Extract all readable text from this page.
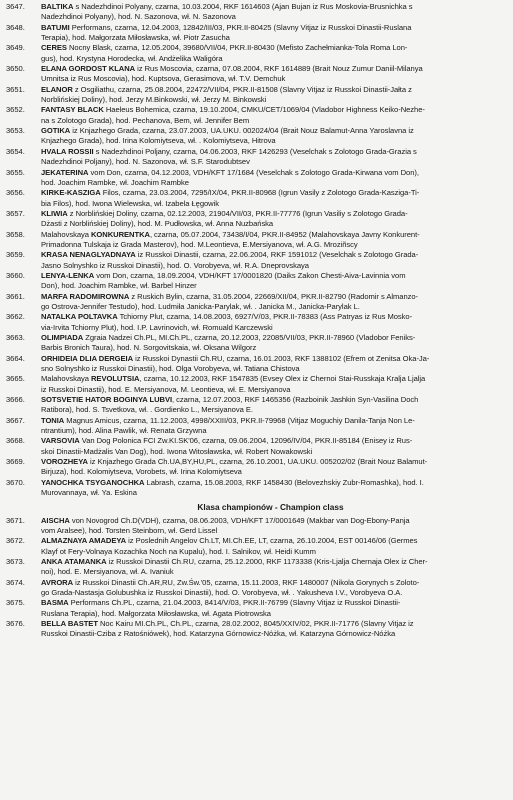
3647.	BALTIKA s Nadezhdinoi Polyany, czarna, 10.03.2004, RKF 1614603 (Ajan Bujan iz Rus Moskovia-Brusnichka s
Nadezhdinoi Polyany), hod. N. Sazonova, wł. N. Sazonova
3648.	BATUMI Performans, czarna, 12.04.2003, 12842/III/03, PKR.II-80425 (Slavny Vitjaz iz Russkoi Dinastii-Ruslana
Terapia), hod. Małgorzata Miłosławska, wł. Piotr Zasucha
3649.	CERES Nocny Blask, czarna, 12.05.2004, 39680/VII/04, PKR.II-80430 (Mefisto Zachełmianka-Tola Roma Lon-
gus), hod. Krystyna Horodecka, wł. Andżelika Waligóra
3650.	ELANA GORDOST KLANA iz Rus Moscovia, czarna, 07.08.2004, RKF 1614889 (Brait Nouz Zumur Daniil-Milanya
Umnitsa iz Rus Moscovia), hod. Kuptsova, Gerasimova, wł. T.V. Demchuk
3651.	ELANOR z Osgiliathu, czarna, 25.08.2004, 22472/VII/04, PKR.II-81508 (Slavny Vitjaz iz Russkoi Dinastii-Jałta z
Norblińskiej Doliny), hod. Jerzy M.Binkowski, wł. Jerzy M. Binkowski
3652.	FANTASY BLACK Haeleus Bohemica, czarna, 19.10.2004, CMKU/CET/1069/04 (Vladobor Highness Keiko-Nezhe-
na s Zolotogo Grada), hod. Pechanova, Bem, wł. Jennifer Bem
3653.	GOTIKA iz Knjazhego Grada, czarna, 23.07.2003, UA.UKU. 002024/04 (Brait Nouz Balamut-Anna Yaroslavna iz
Knjazhego Grada), hod. Irina Kolomiytseva, wł. . Kolomiytseva, Hitrova
3654.	HVALA ROSSII s Nadezhdinoi Poljany, czarna, 04.06.2003, RKF 1426293 (Veselchak s Zolotogo Grada-Grazia s
Nadezhdinoi Poljany), hod. N. Sazonova, wł. S.F. Starodubtsev
3655.	JEKATERINA vom Don, czarna, 04.12.2003, VDH/KFT 17/1684 (Veselchak s Zolotogo Grada-Kirwana vom Don),
hod. Joachim Rambke, wł. Joachim Rambke
3656.	KIRKE-KASZIGA Filos, czarna, 23.03.2004, 7295/IX/04, PKR.II-80968 (Igrun Vasily z Zolotogo Grada-Kasziga-Ti-
bia Filos), hod. Iwona Wielewska, wł. Izabela Łęgowik
3657.	KLIWIA z Norblińskiej Doliny, czarna, 02.12.2003, 21904/VII/03, PKR.II-77776 (Igrun Vasiliy s Zolotogo Grada-
Dżasti z Norblińskiej Doliny), hod. M. Pudłowska, wł. Anna Nuzbańska
3658.	Malahovskaya KONKURENTKA, czarna, 05.07.2004, 73438/I/04, PKR.II-84952 (Malahovskaya Javny Konkurent-
Primadonna Tulskaja iz Grada Masterov), hod. M.Leontieva, E.Mersiyanova, wł. A.G. Mroziñscy
3659.	KRASA NENAGLYADNAYA iz Russkoi Dinastii, czarna, 22.06.2004, RKF 1591012 (Veselchak s Zolotogo Grada-
Jasno Solnyshko iz Russkoi Dinastii), hod. O. Vorobyeva, wł. R.A. Dneprovskaya
3660.	LENYA-LENKA vom Don, czarna, 18.09.2004, VDH/KFT 17/0001820 (Daiks Zakon Chesti-Aiva-Lavinnia vom
Don), hod. Joachim Rambke, wł. Barbel Hinzer
3661.	MARFA RADOMIROWNA z Ruskich Bylin, czarna, 31.05.2004, 22669/XII/04, PKR.II-82790 (Radomir s Almanzo-
go Ostrova-Jennifer Testudo), hod. Ludmiła Janicka-Parylak, wł. . Janicka M., Janicka-Parylak L.
3662.	NATALKA POLTAVKA Tchiorny Plut, czarna, 14.08.2003, 6927/V/03, PKR.II-78383 (Ass Patryas iz Rus Mosko-
via-Irvita Tchiorny Plut), hod. I.P. Lavrinovich, wł. Romuald Karczewski
3663.	OLIMPIADA Zgraia Nadzei Ch.PL, MI.Ch.PL, czarna, 20.12.2003, 22085/VII/03, PKR.II-78960 (Vladobor Feniks-
Barbis Bronich Taura), hod. N. Sorgovitskaia, wł. Oksana Wilgorz
3664.	ORHIDEIA DLIA DERGEIA iz Russkoi Dynastii Ch.RU, czarna, 16.01.2003, RKF 1388102 (Efrem ot Zenitsa Oka-Ja-
sno Solnyshko iz Russkoi Dinastii), hod. Olga Vorobyeva, wł. Tatiana Chistova
3665.	Malahovskaya REVOLUTSIA, czarna, 10.12.2003, RKF 1547835 (Evsey Olex iz Chernoi Stai-Russkaja Kralja Ljalja
iz Russkoi Dinastii), hod. E. Mersiyanova, M. Leontieva, wł. E. Mersiyanova
3666.	SOTSVETIE HATOR BOGINYA LUBVI, czarna, 12.07.2003, RKF 1465356 (Razboinik Jashkin Syn-Vasilina Doch
Ratibora), hod. S. Tsvetkova, wł. . Gordienko L., Mersiyanova E.
3667.	TONIA Magnus Amicus, czarna, 11.12.2003, 4998/XXIII/03, PKR.II-79968 (Vitjaz Moguchiy Danila-Tanja Non Le-
ntrantium), hod. Alina Pawlik, wł. Renata Grzywna
3668.	VARSOVIA Van Dog Polonica FCI Zw.KI.SK'06, czarna, 09.06.2004, 12096/IV/04, PKR.II-85184 (Enisey iz Rus-
skoi Dinastii-Madżalis Van Dog), hod. Iwona Witosławska, wł. Robert Nowakowski
3669.	VOROZHEYA iz Knjazhego Grada Ch.UA,BY,HU,PL, czarna, 26.10.2001, UA.UKU. 005202/02 (Brait Nouz Balamut-
Birjuza), hod. Kolomiytseva, Vorobets, wł. Irina Kolomiytseva
3670.	YANOCHKA TSYGANOCHKA Labrash, czarna, 15.08.2003, RKF 1458430 (Belovezhskiy Zubr-Romashka), hod. I.
Murovannaya, wł. Ya. Eskina
Klasa championów - Champion class
3671.	AISCHA von Novogrod Ch.D(VDH), czarna, 08.06.2003, VDH/KFT 17/0001649 (Makbar van Dog-Ebony-Panja
vom Aralsee), hod. Torsten Steinborn, wł. Gerd Lissel
3672.	ALMAZNAYA AMADEYA iz Poslednih Angelov Ch.LT, MI.Ch.EE, LT, czarna, 26.10.2004, EST 00146/06 (Germes
Klayf ot Fery-Volnaya Kozachka Noch na Kupalu), hod. I. Salnikov, wł. Heidi Kumm
3673.	ANKA ATAMANKA iz Russkoi Dinastii Ch.RU, czarna, 25.12.2000, RKF 1173338 (Kris-Ljalja Chernaja Olex iz Cher-
noi), hod. E. Mersiyanova, wł. A. Ivaniuk
3674.	AVRORA iz Russkoi Dinastii Ch.AR,RU, Zw.Św.'05, czarna, 15.11.2003, RKF 1480007 (Nikola Gorynych s Zoloto-
go Grada-Nastasja Golubushka iz Russkoi Dinastii), hod. O. Vorobyeva, wł. . Yakusheva I.V., Vorobyeva O.A.
3675.	BASMA Performans Ch.PL, czarna, 21.04.2003, 8414/V/03, PKR.II-76799 (Slavny Vitjaz iz Russkoi Dinastii-
Ruslana Terapia), hod. Małgorzata Miłosławska, wł. Agata Piotrowska
3676.	BELLA BASTET Noc Kairu MI.Ch.PL, Ch.PL, czarna, 28.02.2002, 8045/XXIV/02, PKR.II-71776 (Slavny Vitjaz iz
Russkoi Dinastii-Cziba z Ratośniówek), hod. Katarzyna Górnowicz-Nóżka, wł. Katarzyna Górnowicz-Nóżka
